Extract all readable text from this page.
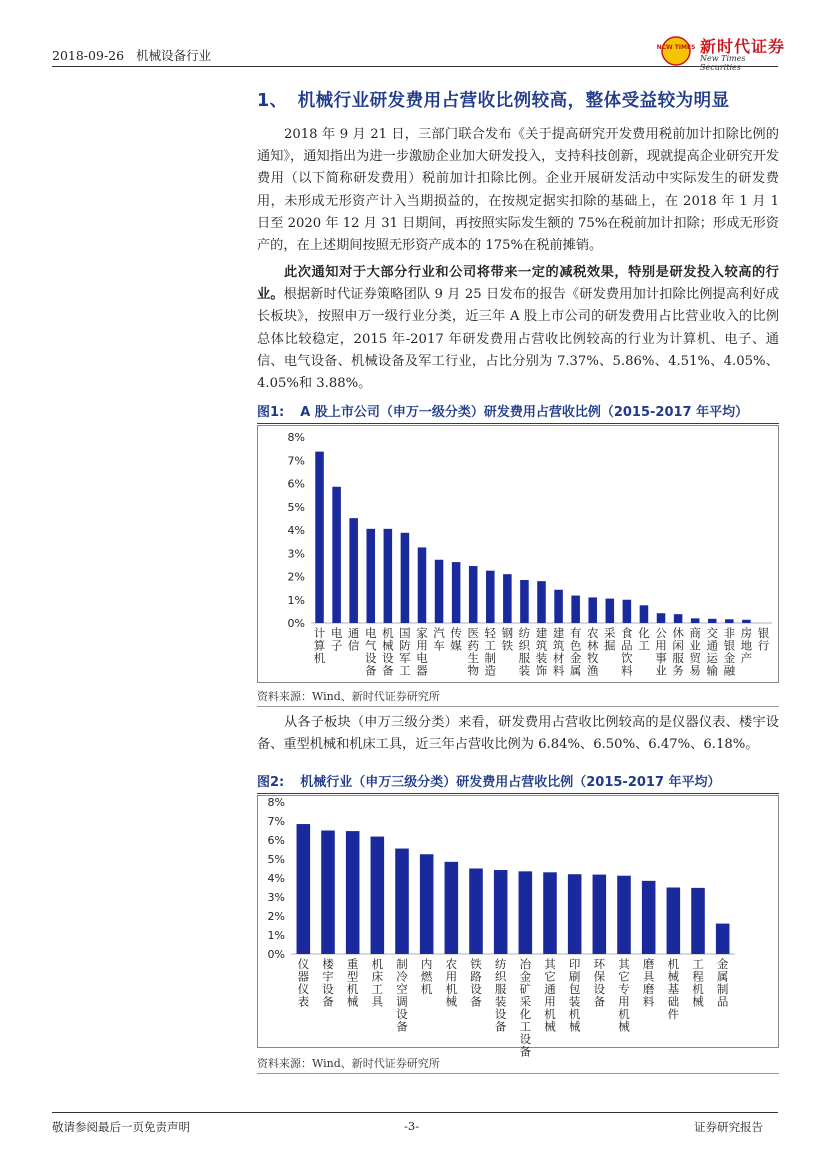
2018-09-26 机械设备行业
NCW TIMES 新时代证券
New Times Securities
1、 机械行业研发费用占营收比例较高，整体受益较为明显
2018 年 9 月 21 日，三部门联合发布《关于提高研究开发费用税前加计扣除比例的通知》，通知指出为进一步激励企业加大研发投入，支持科技创新，现就提高企业研究开发费用（以下简称研发费用）税前加计扣除比例。企业开展研发活动中实际发生的研发费用，未形成无形资产计入当期损益的，在按规定据实扣除的基础上，在 2018 年 1 月 1 日至 2020 年 12 月 31 日期间，再按照实际发生额的 75%在税前加计扣除；形成无形资产的，在上述期间按照无形资产成本的 175%在税前摊销。
此次通知对于大部分行业和公司将带来一定的减税效果，特别是研发投入较高的行业。根据新时代证券策略团队 9 月 25 日发布的报告《研发费用加计扣除比例提高利好成长板块》，按照申万一级行业分类，近三年 A 股上市公司的研发费用占比营业收入的比例总体比较稳定，2015 年-2017 年研发费用占营收比例较高的行业为计算机、电子、通信、电气设备、机械设备及军工行业，占比分别为 7.37%、5.86%、4.51%、4.05%、4.05%和 3.88%。
图1: A 股上市公司（申万一级分类）研发费用占营收比例（2015-2017 年平均）
0%
1%
2%
3%
4%
5%
6%
7%
8%
计算机
电子
通信
电气设备
机械设备
国防军工
家用电器
汽车
传媒
医药生物
轻工制造
钢铁
纺织服装
建筑装饰
建筑材料
有色金属
农林牧渔
采掘
食品饮料
化工
公用事业
休闲服务
商业贸易
交通运输
非银金融
房地产
银行
资料来源：Wind、新时代证券研究所
从各子板块（申万三级分类）来看，研发费用占营收比例较高的是仪器仪表、楼宇设备、重型机械和机床工具，近三年占营收比例为 6.84%、6.50%、6.47%、6.18%。
图2: 机械行业（申万三级分类）研发费用占营收比例（2015-2017 年平均）
0%
1%
2%
3%
4%
5%
6%
7%
8%
仪器仪表
楼宇设备
重型机械
机床工具
制冷空调设备
内燃机
农用机械
铁路设备
纺织服装设备
冶金矿采化工设备
其它通用机械
印刷包装机械
环保设备
其它专用机械
磨具磨料
机械基础件
工程机械
金属制品
资料来源：Wind、新时代证券研究所
敬请参阅最后一页免责声明	-3-	证券研究报告
